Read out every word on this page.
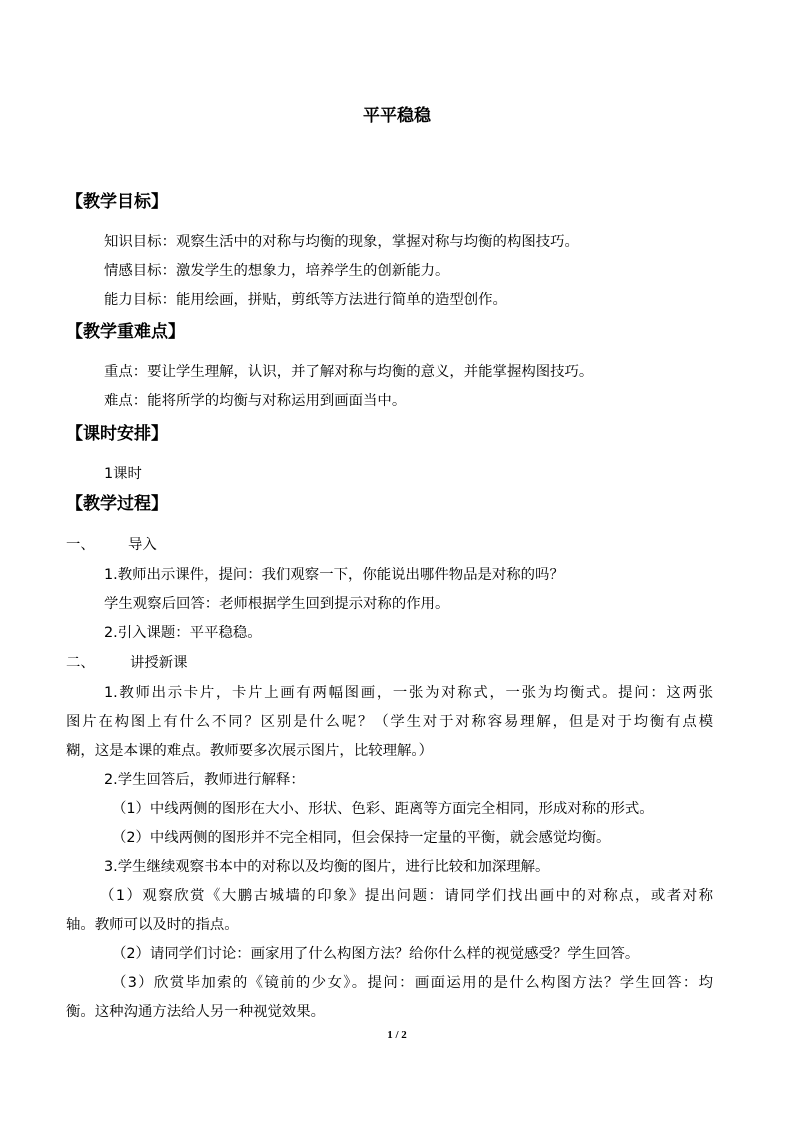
平平稳稳
【教学目标】
知识目标：观察生活中的对称与均衡的现象，掌握对称与均衡的构图技巧。
情感目标：激发学生的想象力，培养学生的创新能力。
能力目标：能用绘画，拼贴，剪纸等方法进行简单的造型创作。
【教学重难点】
重点：要让学生理解，认识，并了解对称与均衡的意义，并能掌握构图技巧。
难点：能将所学的均衡与对称运用到画面当中。
【课时安排】
1课时
【教学过程】
一、 导入
1.教师出示课件，提问：我们观察一下，你能说出哪件物品是对称的吗？
学生观察后回答：老师根据学生回到提示对称的作用。
2.引入课题：平平稳稳。
二、 讲授新课
1.教师出示卡片，卡片上画有两幅图画，一张为对称式，一张为均衡式。提问：这两张
图片在构图上有什么不同？区别是什么呢？（学生对于对称容易理解，但是对于均衡有点模
糊，这是本课的难点。教师要多次展示图片，比较理解。）
2.学生回答后，教师进行解释：
（1）中线两侧的图形在大小、形状、色彩、距离等方面完全相同，形成对称的形式。
（2）中线两侧的图形并不完全相同，但会保持一定量的平衡，就会感觉均衡。
3.学生继续观察书本中的对称以及均衡的图片，进行比较和加深理解。
（1）观察欣赏《大鹏古城墙的印象》提出问题：请同学们找出画中的对称点，或者对称
轴。教师可以及时的指点。
（2）请同学们讨论：画家用了什么构图方法？给你什么样的视觉感受？学生回答。
（3）欣赏毕加索的《镜前的少女》。提问：画面运用的是什么构图方法？学生回答：均
衡。这种沟通方法给人另一种视觉效果。
1 / 2
